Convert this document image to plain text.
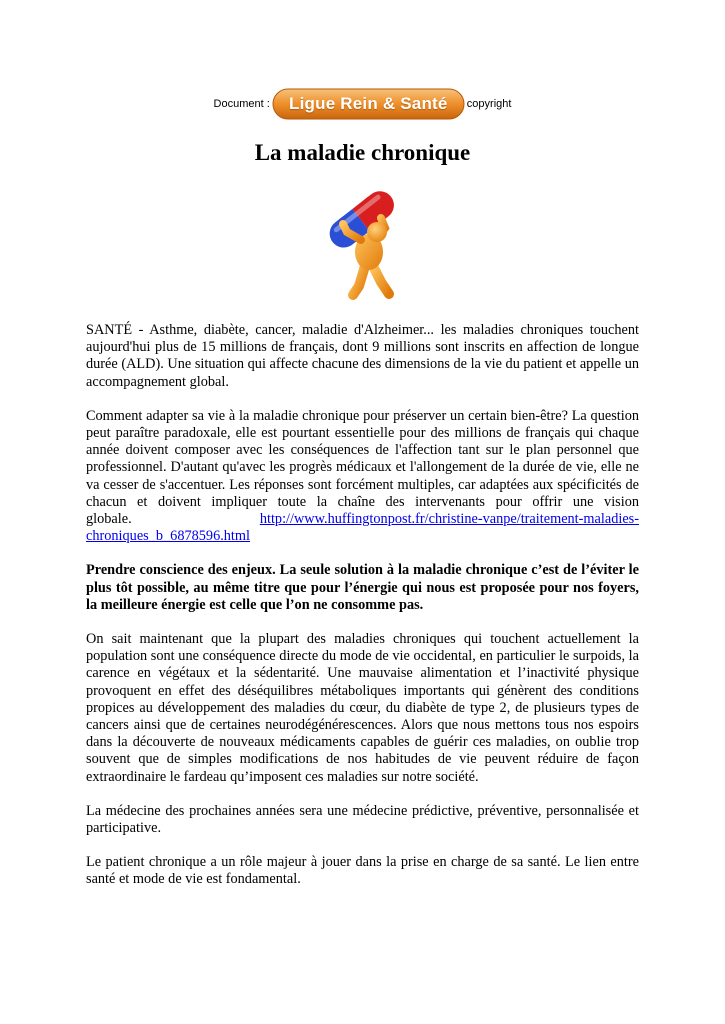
Document :	Ligue Rein & Santé	copyright
La maladie chronique

SANTÉ - Asthme, diabète, cancer, maladie d'Alzheimer... les maladies chroniques touchent aujourd'hui plus de 15 millions de français, dont 9 millions sont inscrits en affection de longue durée (ALD). Une situation qui affecte chacune des dimensions de la vie du patient et appelle un accompagnement global.

Comment adapter sa vie à la maladie chronique pour préserver un certain bien-être? La question peut paraître paradoxale, elle est pourtant essentielle pour des millions de français qui chaque année doivent composer avec les conséquences de l'affection tant sur le plan personnel que professionnel. D'autant qu'avec les progrès médicaux et l'allongement de la durée de vie, elle ne va cesser de s'accentuer. Les réponses sont forcément multiples, car adaptées aux spécificités de chacun et doivent impliquer toute la chaîne des intervenants pour offrir une vision globale.	http://www.huffingtonpost.fr/christine-vanpe/traitement-maladies-chroniques_b_6878596.html

Prendre conscience des enjeux. La seule solution à la maladie chronique c’est de l’éviter le plus tôt possible, au même titre que pour l’énergie qui nous est proposée pour nos foyers, la meilleure énergie est celle que l’on ne consomme pas.

On sait maintenant que la plupart des maladies chroniques qui touchent actuellement la population sont une conséquence directe du mode de vie occidental, en particulier le surpoids, la carence en végétaux et la sédentarité. Une mauvaise alimentation et l’inactivité physique provoquent en effet des déséquilibres métaboliques importants qui génèrent des conditions propices au développement des maladies du cœur, du diabète de type 2, de plusieurs types de cancers ainsi que de certaines neurodégénérescences. Alors que nous mettons tous nos espoirs dans la découverte de nouveaux médicaments capables de guérir ces maladies, on oublie trop souvent que de simples modifications de nos habitudes de vie peuvent réduire de façon extraordinaire le fardeau qu’imposent ces maladies sur notre société.

La médecine des prochaines années sera une médecine prédictive, préventive, personnalisée et participative.

Le patient chronique a un rôle majeur à jouer dans la prise en charge de sa santé. Le lien entre santé et mode de vie est fondamental.
